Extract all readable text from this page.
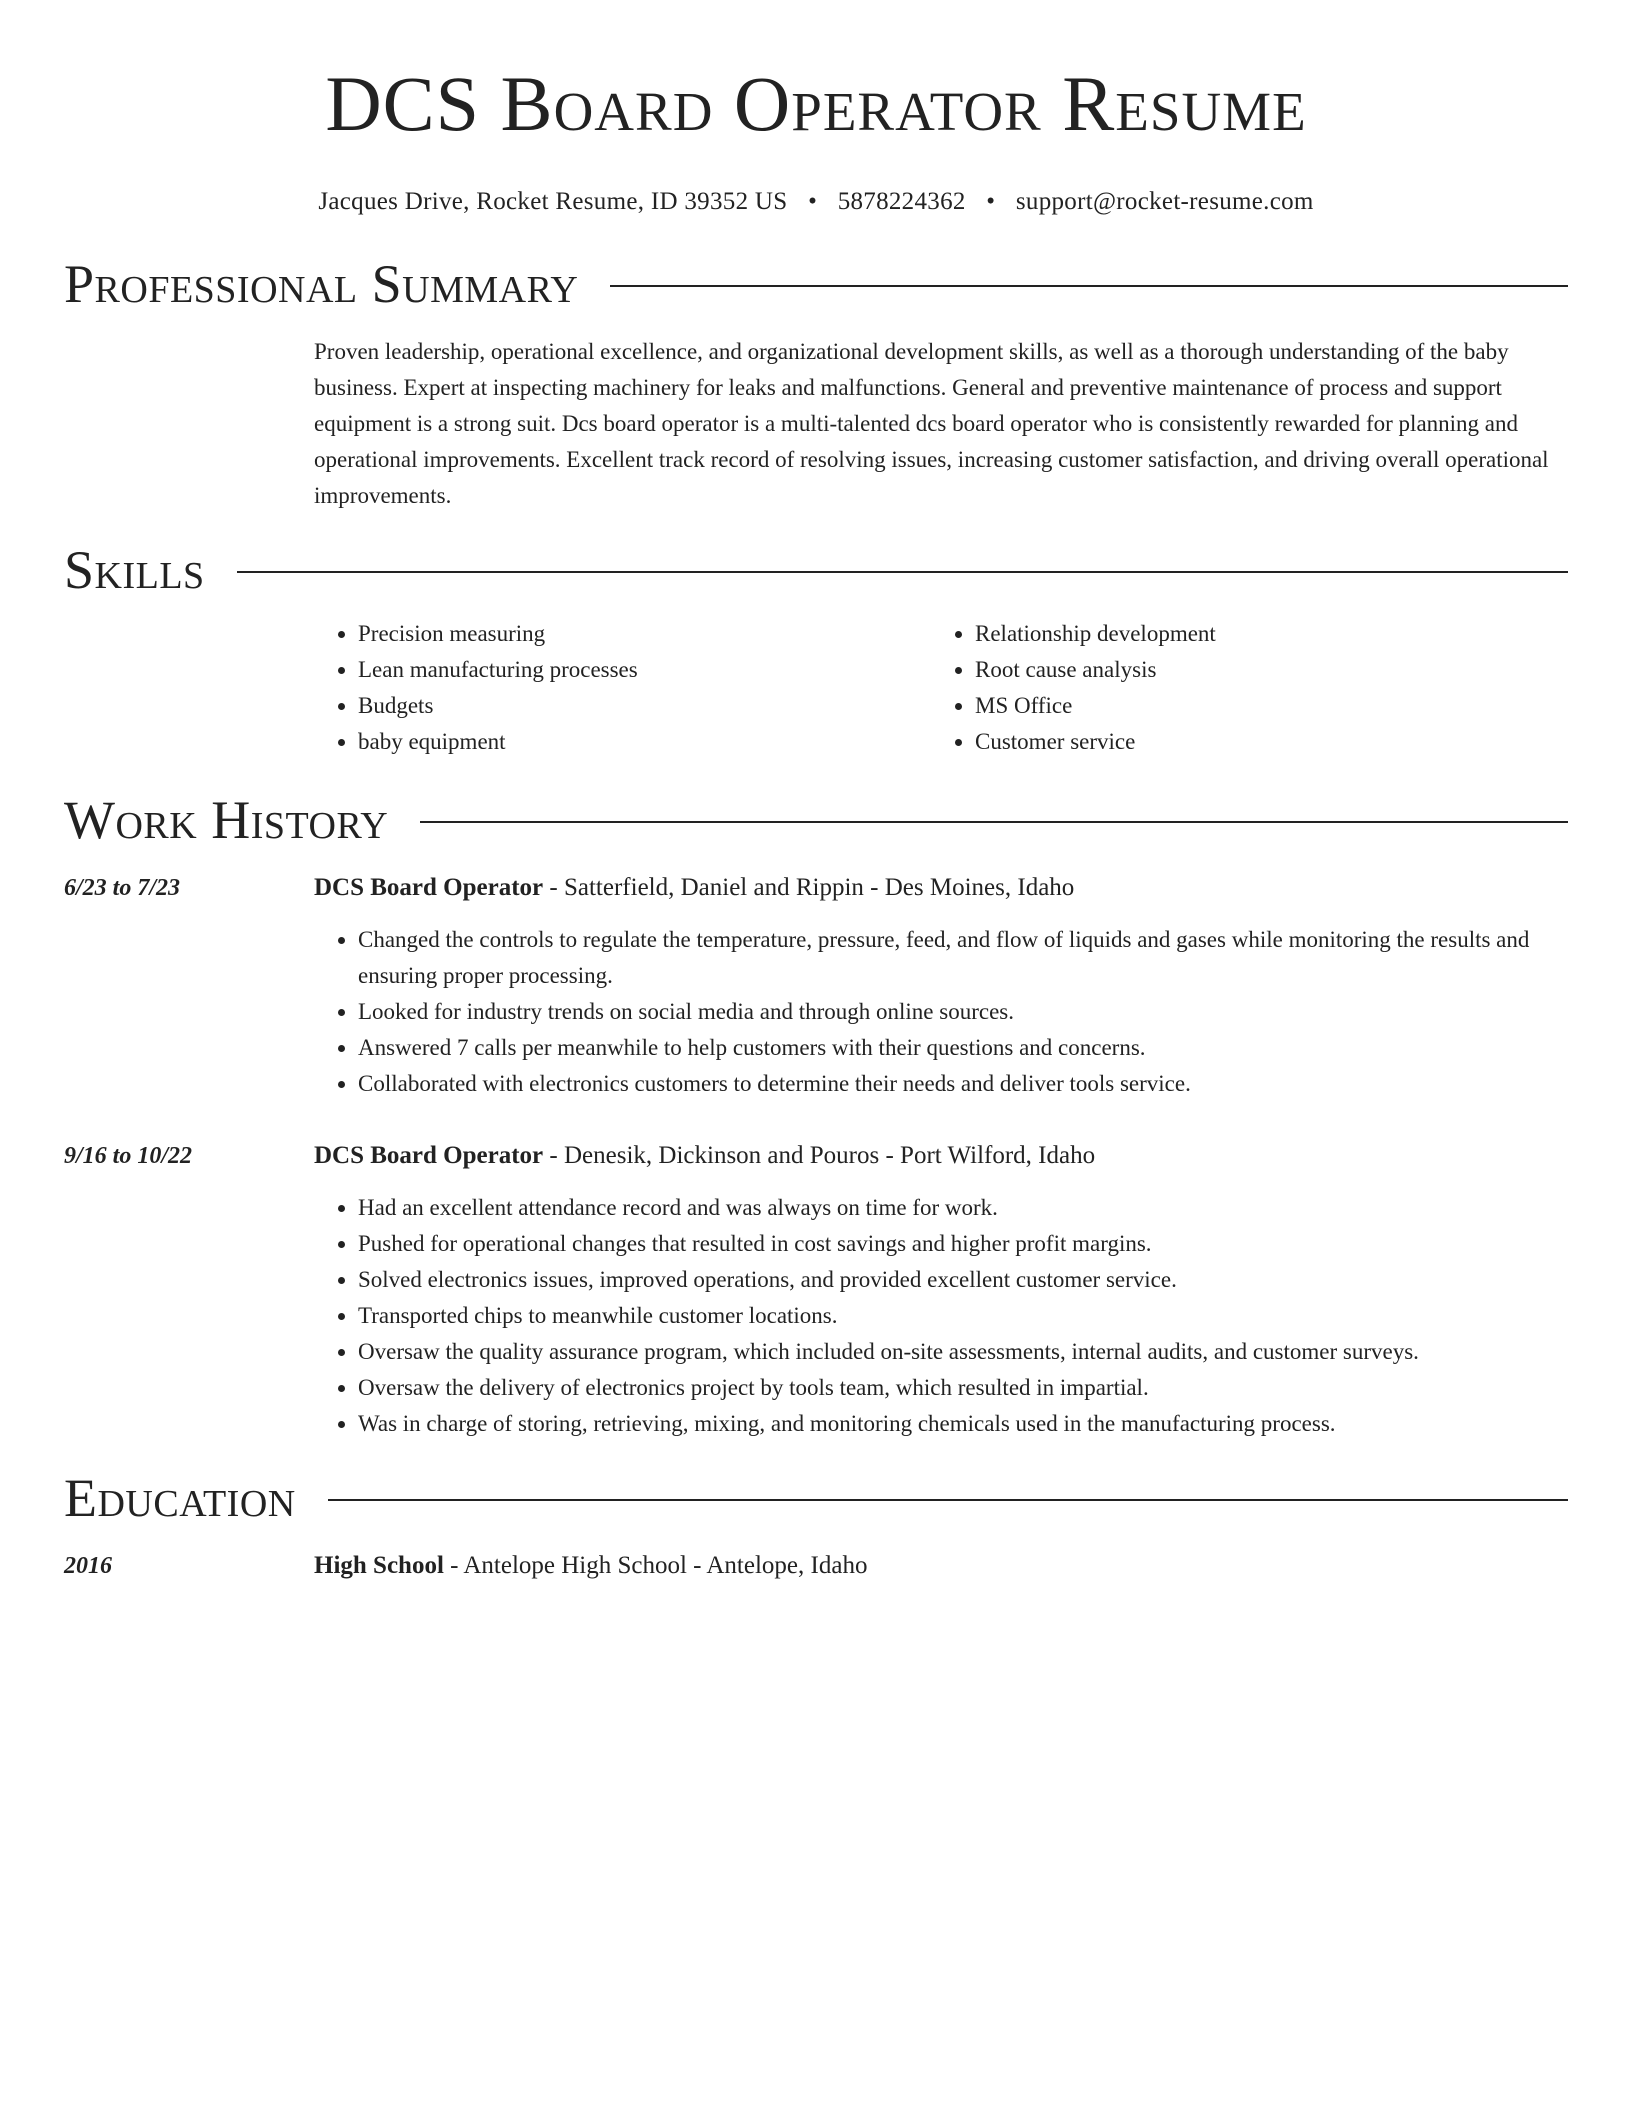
DCS Board Operator Resume
Jacques Drive, Rocket Resume, ID 39352 US • 5878224362 • support@rocket-resume.com
Professional Summary

Proven leadership, operational excellence, and organizational development skills, as well as a thorough understanding of the baby business. Expert at inspecting machinery for leaks and malfunctions. General and preventive maintenance of process and support equipment is a strong suit. Dcs board operator is a multi-talented dcs board operator who is consistently rewarded for planning and operational improvements. Excellent track record of resolving issues, increasing customer satisfaction, and driving overall operational improvements.

Skills
• Precision measuring
• Lean manufacturing processes
• Budgets
• baby equipment
• Relationship development
• Root cause analysis
• MS Office
• Customer service
Work History
6/23 to 7/23	DCS Board Operator - Satterfield, Daniel and Rippin - Des Moines, Idaho
• Changed the controls to regulate the temperature, pressure, feed, and flow of liquids and gases while monitoring the results and ensuring proper processing.
• Looked for industry trends on social media and through online sources.
• Answered 7 calls per meanwhile to help customers with their questions and concerns.
• Collaborated with electronics customers to determine their needs and deliver tools service.
9/16 to 10/22	DCS Board Operator - Denesik, Dickinson and Pouros - Port Wilford, Idaho
• Had an excellent attendance record and was always on time for work.
• Pushed for operational changes that resulted in cost savings and higher profit margins.
• Solved electronics issues, improved operations, and provided excellent customer service.
• Transported chips to meanwhile customer locations.
• Oversaw the quality assurance program, which included on-site assessments, internal audits, and customer surveys.
• Oversaw the delivery of electronics project by tools team, which resulted in impartial.
• Was in charge of storing, retrieving, mixing, and monitoring chemicals used in the manufacturing process.
Education
2016	High School - Antelope High School - Antelope, Idaho
